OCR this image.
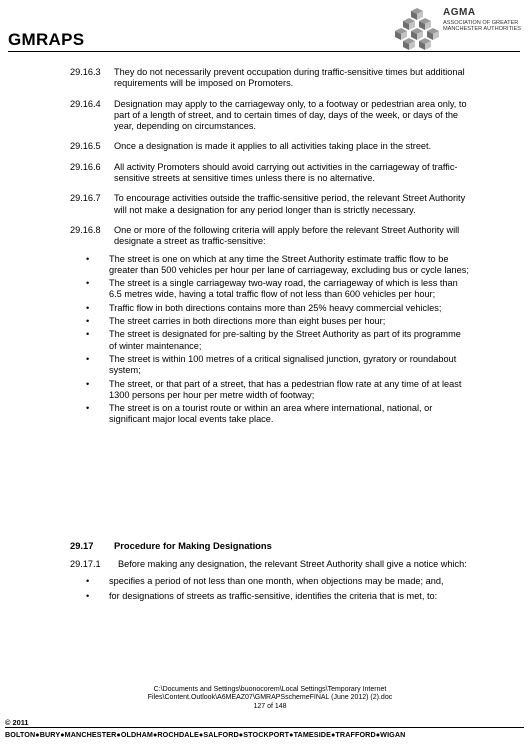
GMRAPS
AGMA
ASSOCIATION OF GREATER MANCHESTER AUTHORITIES
29.16.3 They do not necessarily prevent occupation during traffic-sensitive times but additional requirements will be imposed on Promoters.
29.16.4 Designation may apply to the carriageway only, to a footway or pedestrian area only, to part of a length of street, and to certain times of day, days of the week, or days of the year, depending on circumstances.
29.16.5 Once a designation is made it applies to all activities taking place in the street.
29.16.6 All activity Promoters should avoid carrying out activities in the carriageway of traffic-sensitive streets at sensitive times unless there is no alternative.
29.16.7 To encourage activities outside the traffic-sensitive period, the relevant Street Authority will not make a designation for any period longer than is strictly necessary.
29.16.8 One or more of the following criteria will apply before the relevant Street Authority will designate a street as traffic-sensitive:
• The street is one on which at any time the Street Authority estimate traffic flow to be greater than 500 vehicles per hour per lane of carriageway, excluding bus or cycle lanes;
• The street is a single carriageway two-way road, the carriageway of which is less than 6.5 metres wide, having a total traffic flow of not less than 600 vehicles per hour;
• Traffic flow in both directions contains more than 25% heavy commercial vehicles;
• The street carries in both directions more than eight buses per hour;
• The street is designated for pre-salting by the Street Authority as part of its programme of winter maintenance;
• The street is within 100 metres of a critical signalised junction, gyratory or roundabout system;
• The street, or that part of a street, that has a pedestrian flow rate at any time of at least 1300 persons per hour per metre width of footway;
• The street is on a tourist route or within an area where international, national, or significant major local events take place.
29.17 Procedure for Making Designations
29.17.1 Before making any designation, the relevant Street Authority shall give a notice which:
• specifies a period of not less than one month, when objections may be made; and,
• for designations of streets as traffic-sensitive, identifies the criteria that is met, to:
C:\Documents and Settings\buonocorem\Local Settings\Temporary Internet
Files\Content.Outlook\A6MEAZ07\GMRAPSschemeFINAL (June 2012) (2).doc
127 of 148
© 2011
BOLTON●BURY●MANCHESTER●OLDHAM●ROCHDALE●SALFORD●STOCKPORT●TAMESIDE●TRAFFORD●WIGAN
